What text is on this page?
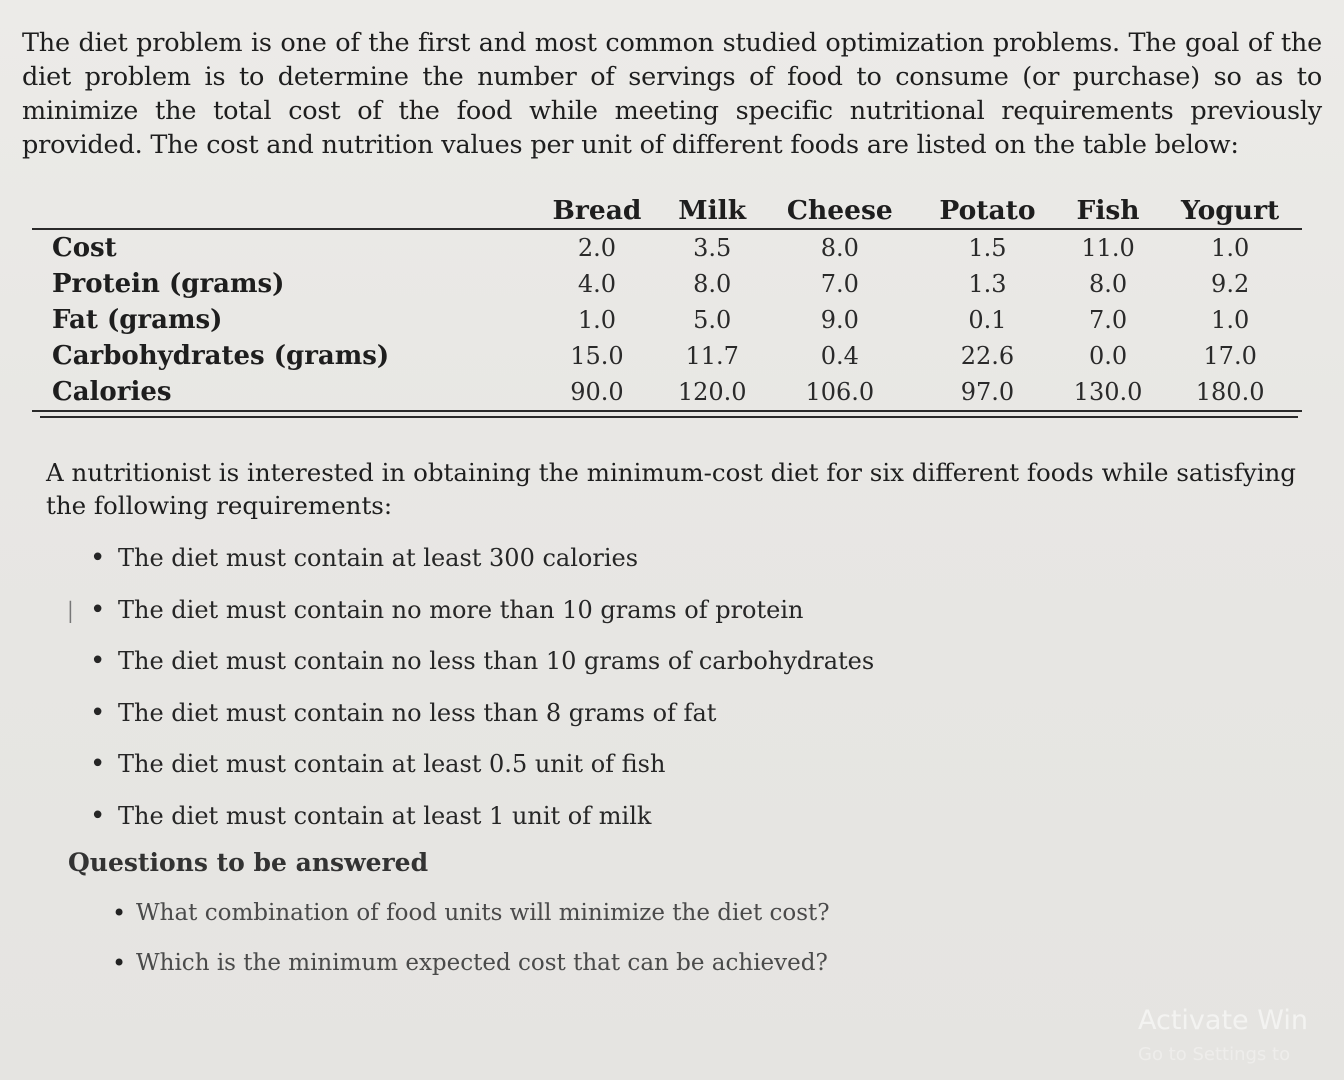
The diet problem is one of the first and most common studied optimization problems. The goal of the diet problem is to determine the number of servings of food to consume (or purchase) so as to minimize the total cost of the food while meeting specific nutritional requirements previously provided. The cost and nutrition values per unit of different foods are listed on the table below:

	Bread	Milk	Cheese	Potato	Fish	Yogurt
Cost	2.0	3.5	8.0	1.5	11.0	1.0
Protein (grams)	4.0	8.0	7.0	1.3	8.0	9.2
Fat (grams)	1.0	5.0	9.0	0.1	7.0	1.0
Carbohydrates (grams)	15.0	11.7	0.4	22.6	0.0	17.0
Calories	90.0	120.0	106.0	97.0	130.0	180.0

A nutritionist is interested in obtaining the minimum-cost diet for six different foods while satisfying the following requirements:

• The diet must contain at least 300 calories
• The diet must contain no more than 10 grams of protein
• The diet must contain no less than 10 grams of carbohydrates
• The diet must contain no less than 8 grams of fat
• The diet must contain at least 0.5 unit of fish
• The diet must contain at least 1 unit of milk
I
Questions to be answered
• What combination of food units will minimize the diet cost?
• Which is the minimum expected cost that can be achieved?
Activate Win
Go to Settings to
